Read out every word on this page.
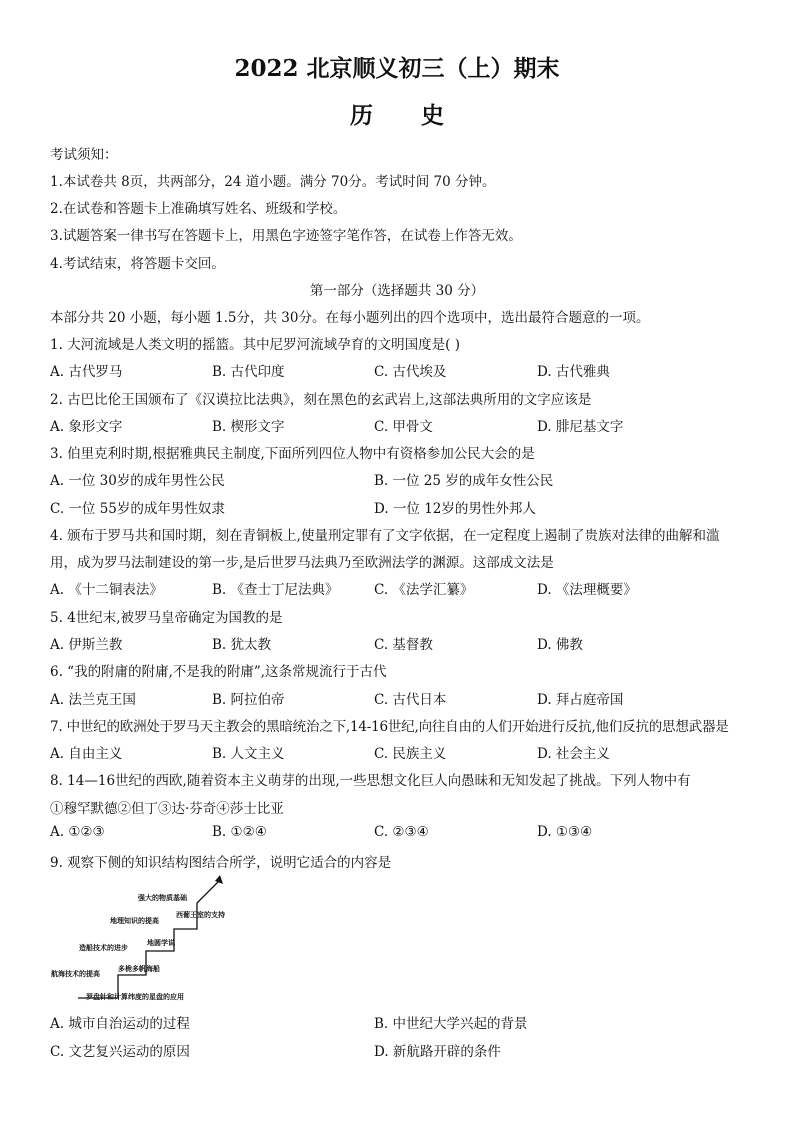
2022 北京顺义初三（上）期末
历史
考试须知：
1.本试卷共 8页，共两部分，24 道小题。满分 70分。考试时间 70 分钟。
2.在试卷和答题卡上准确填写姓名、班级和学校。
3.试题答案一律书写在答题卡上，用黑色字迹签字笔作答，在试卷上作答无效。
4.考试结束，将答题卡交回。
第一部分（选择题共 30 分）
本部分共 20 小题，每小题 1.5分，共 30分。在每小题列出的四个选项中，选出最符合题意的一项。
1. 大河流域是人类文明的摇篮。其中尼罗河流域孕育的文明国度是( )
A. 古代罗马	B. 古代印度	C. 古代埃及	D. 古代雅典
2. 古巴比伦王国颁布了《汉谟拉比法典》，刻在黑色的玄武岩上,这部法典所用的文字应该是
A. 象形文字	B. 楔形文字	C. 甲骨文	D. 腓尼基文字
3. 伯里克利时期,根据雅典民主制度,下面所列四位人物中有资格参加公民大会的是
A. 一位 30岁的成年男性公民	B. 一位 25 岁的成年女性公民
C. 一位 55岁的成年男性奴隶	D. 一位 12岁的男性外邦人
4. 颁布于罗马共和国时期，刻在青铜板上,使量刑定罪有了文字依据，在一定程度上遏制了贵族对法律的曲解和滥
用，成为罗马法制建设的第一步,是后世罗马法典乃至欧洲法学的渊源。这部成文法是
A. 《十二铜表法》	B. 《查士丁尼法典》	C. 《法学汇纂》	D. 《法理概要》
5. 4世纪末,被罗马皇帝确定为国教的是
A. 伊斯兰教	B. 犹太教	C. 基督教	D. 佛教
6. “我的附庸的附庸,不是我的附庸”,这条常规流行于古代
A. 法兰克王国	B. 阿拉伯帝	C. 古代日本	D. 拜占庭帝国
7. 中世纪的欧洲处于罗马天主教会的黑暗统治之下,14-16世纪,向往自由的人们开始进行反抗,他们反抗的思想武器是
A. 自由主义	B. 人文主义	C. 民族主义	D. 社会主义
8. 14—16世纪的西欧,随着资本主义萌芽的出现,一些思想文化巨人向愚昧和无知发起了挑战。下列人物中有
①穆罕默德②但丁③达·芬奇④莎士比亚
A. ①②③	B. ①②④	C. ②③④	D. ①③④
9. 观察下侧的知识结构图结合所学，说明它适合的内容是
强大的物质基础
地理知识的提高
西葡王室的支持
造船技术的进步
地圆学说
航海技术的提高
多桅多帆海船
罗盘针和计算纬度的星盘的应用
A. 城市自治运动的过程	B. 中世纪大学兴起的背景
C. 文艺复兴运动的原因	D. 新航路开辟的条件
